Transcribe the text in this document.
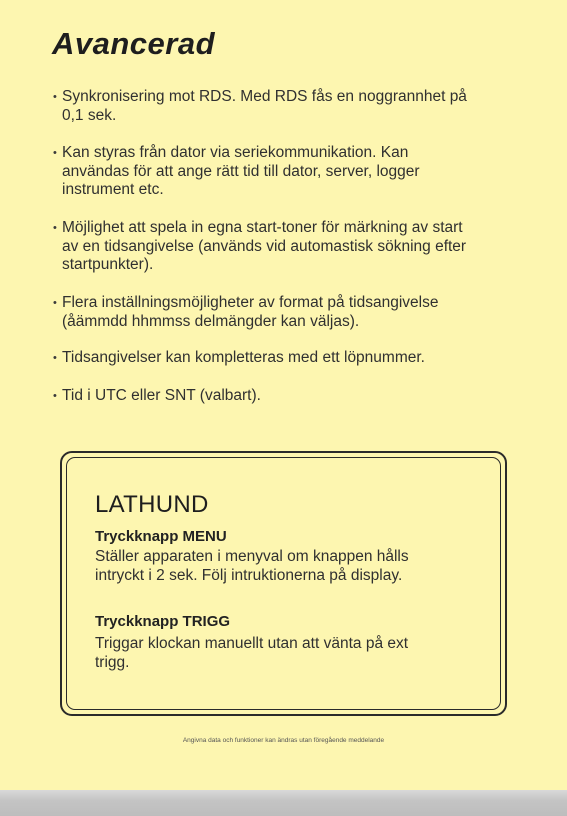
Avancerad
• Synkronisering mot RDS. Med RDS fås en noggrannhet på
0,1 sek.
• Kan styras från dator via seriekommunikation. Kan
användas för att ange rätt tid till dator, server, logger
instrument etc.
• Möjlighet att spela in egna start-toner för märkning av start
av en tidsangivelse (används vid automastisk sökning efter
startpunkter).
• Flera inställningsmöjligheter av format på tidsangivelse
(åämmdd hhmmss delmängder kan väljas).
• Tidsangivelser kan kompletteras med ett löpnummer.
• Tid i UTC eller SNT (valbart).
LATHUND
Tryckknapp MENU
Ställer apparaten i menyval om knappen hålls
intryckt i 2 sek. Följ intruktionerna på display.
Tryckknapp TRIGG
Triggar klockan manuellt utan att vänta på ext
trigg.
Angivna data och funktioner kan ändras utan föregående meddelande
